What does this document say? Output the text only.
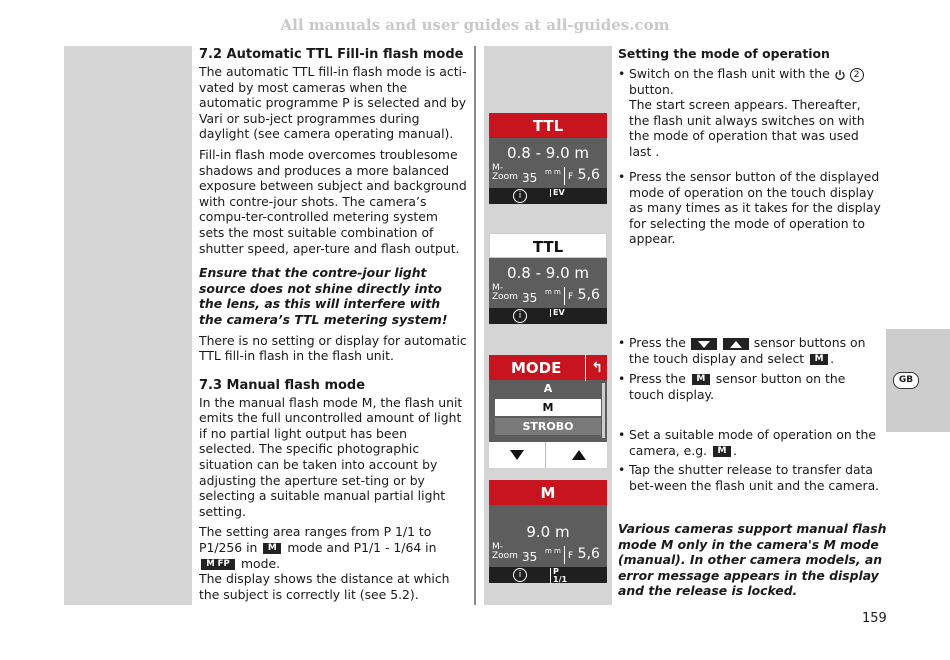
All manuals and user guides at all-guides.com
GB
7.2 Automatic TTL Fill-in flash mode

The automatic TTL fill-in flash mode is acti-vated by most cameras when the automatic programme P is selected and by Vari or sub-ject programmes during daylight (see camera operating manual).

Fill-in flash mode overcomes troublesome shadows and produces a more balanced exposure between subject and background with contre-jour shots. The camera’s compu-ter-controlled metering system sets the most suitable combination of shutter speed, aper-ture and flash output.

Ensure that the contre-jour light source does not shine directly into the lens, as this will interfere with the camera’s TTL metering system!

There is no setting or display for automatic TTL fill-in flash in the flash unit.

7.3 Manual flash mode

In the manual flash mode M, the flash unit emits the full uncontrolled amount of light if no partial light output has been selected. The specific photographic situation can be taken into account by adjusting the aperture set-ting or by selecting a suitable manual partial light setting.

The setting area ranges from P 1/1 to P1/256 in M mode and P1/1 - 1/64 in M FP mode.

The display shows the distance at which the subject is correctly lit (see 5.2).

TTL
0.8 - 9.0 m
M-
Zoom 35 m m F 5,6
i	EV
TTL
0.8 - 9.0 m
M-
Zoom 35 m m F 5,6
i	EV
MODE	↰
A
M
STROBO
M
9.0 m
M-
Zoom 35 m m F 5,6
i	P
1/1
Setting the mode of operation
• Switch on the flash unit with the	2
button.
The start screen appears. Thereafter, the flash unit always switches on with the mode of operation that was used last .
• Press the sensor button of the displayed mode of operation on the touch display as many times as it takes for the display for selecting the mode of operation to appear.
• Press the	sensor buttons on the touch display and select M .
• Press the M sensor button on the touch display.
• Set a suitable mode of operation on the camera, e.g. M .
• Tap the shutter release to transfer data bet-ween the flash unit and the camera.
Various cameras support manual flash mode M only in the camera's M mode (manual). In other camera models, an error message appears in the display and the release is locked.
159
